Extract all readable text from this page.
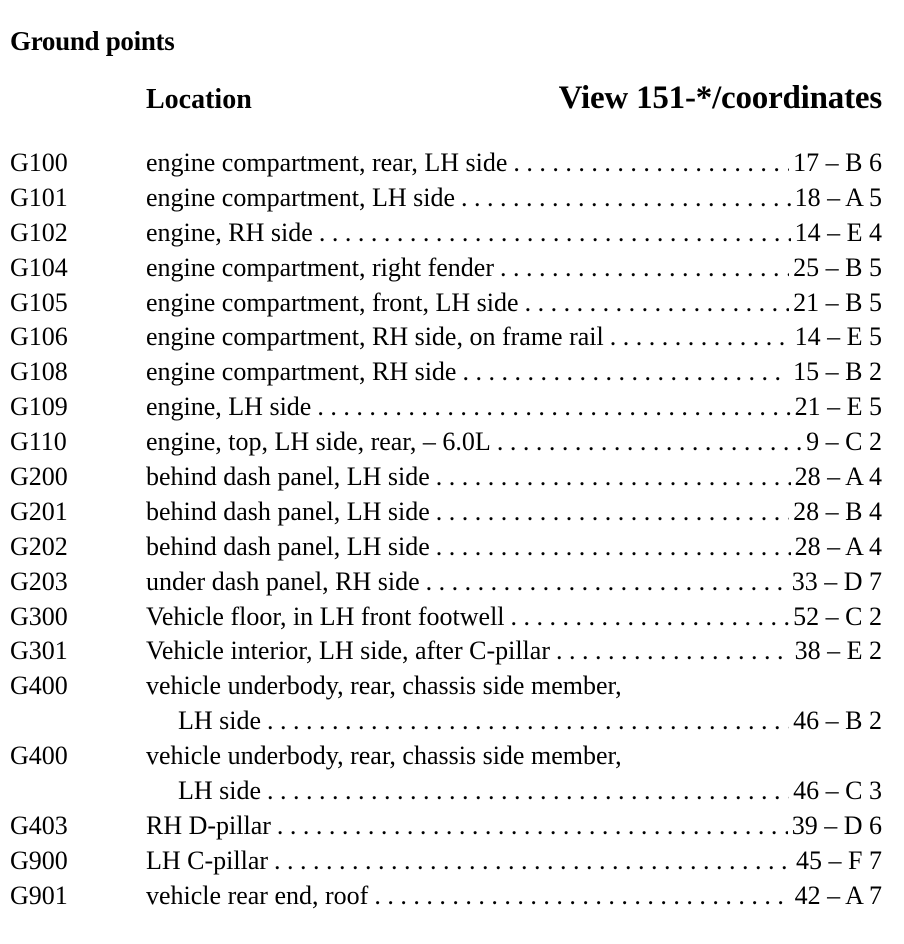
Ground points
Location	View 151-*/coordinates
G100	engine compartment, rear, LH side . . .	17 – B 6
G101	engine compartment, LH side . . .	18 – A 5
G102	engine, RH side . . .	14 – E 4
G104	engine compartment, right fender . . .	25 – B 5
G105	engine compartment, front, LH side . . .	21 – B 5
G106	engine compartment, RH side, on frame rail . . .	14 – E 5
G108	engine compartment, RH side . . .	15 – B 2
G109	engine, LH side . . .	21 – E 5
G110	engine, top, LH side, rear, – 6.0L . . .	9 – C 2
G200	behind dash panel, LH side . . .	28 – A 4
G201	behind dash panel, LH side . . .	28 – B 4
G202	behind dash panel, LH side . . .	28 – A 4
G203	under dash panel, RH side . . .	33 – D 7
G300	Vehicle floor, in LH front footwell . . .	52 – C 2
G301	Vehicle interior, LH side, after C-pillar . . .	38 – E 2
G400	vehicle underbody, rear, chassis side member,
LH side . . .	46 – B 2
G400	vehicle underbody, rear, chassis side member,
LH side . . .	46 – C 3
G403	RH D-pillar . . .	39 – D 6
G900	LH C-pillar . . .	45 – F 7
G901	vehicle rear end, roof . . .	42 – A 7
